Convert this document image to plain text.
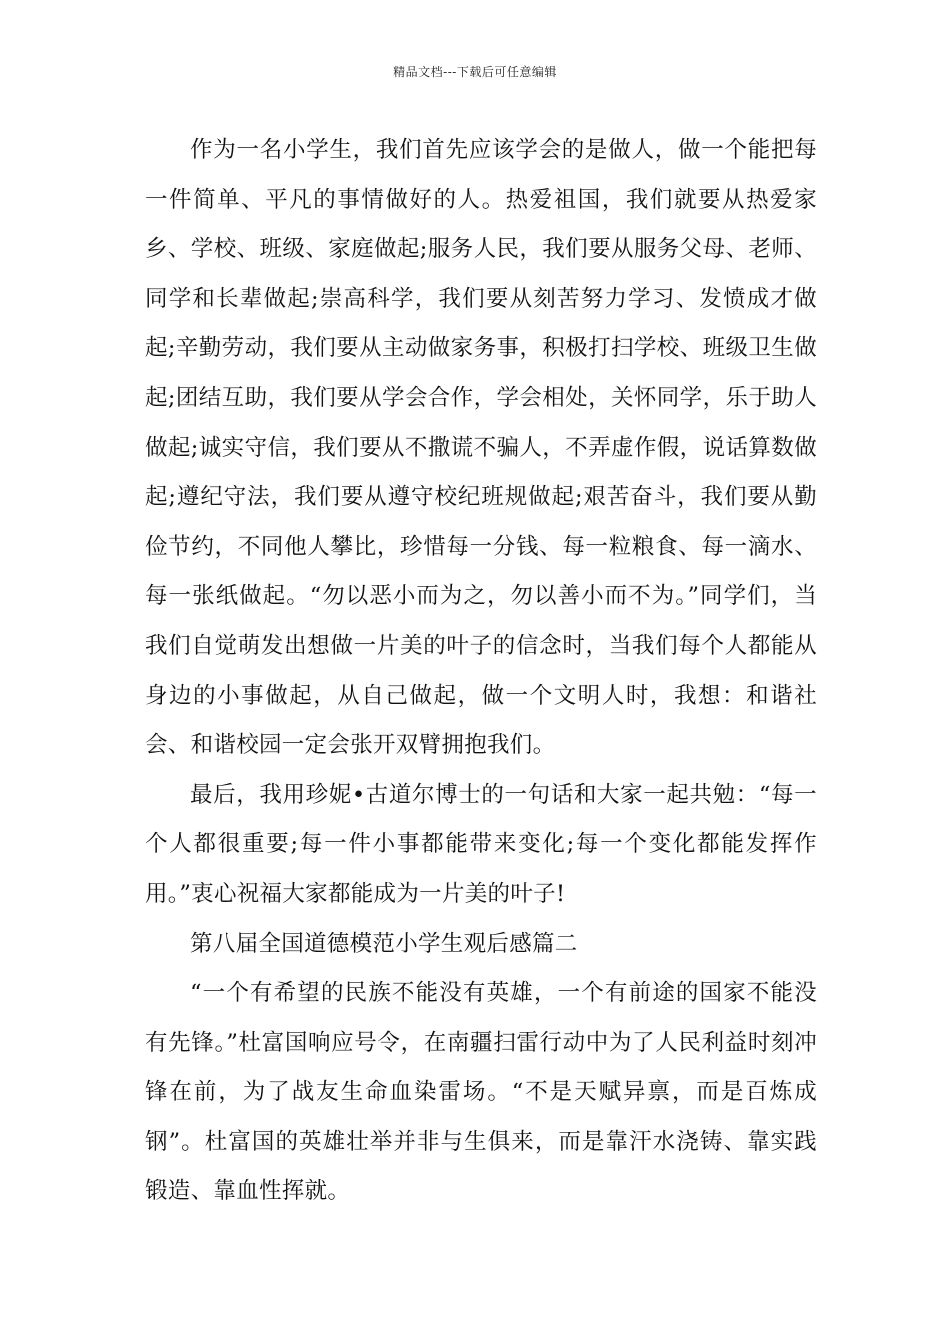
精品文档---下载后可任意编辑

作为一名小学生，我们首先应该学会的是做人，做一个能把每一件简单、平凡的事情做好的人。热爱祖国，我们就要从热爱家乡、学校、班级、家庭做起;服务人民，我们要从服务父母、老师、同学和长辈做起;崇高科学，我们要从刻苦努力学习、发愤成才做起;辛勤劳动，我们要从主动做家务事，积极打扫学校、班级卫生做起;团结互助，我们要从学会合作，学会相处，关怀同学，乐于助人做起;诚实守信，我们要从不撒谎不骗人，不弄虚作假，说话算数做起;遵纪守法，我们要从遵守校纪班规做起;艰苦奋斗，我们要从勤俭节约，不同他人攀比，珍惜每一分钱、每一粒粮食、每一滴水、每一张纸做起。“勿以恶小而为之，勿以善小而不为。”同学们，当我们自觉萌发出想做一片美的叶子的信念时，当我们每个人都能从身边的小事做起，从自己做起，做一个文明人时，我想：和谐社会、和谐校园一定会张开双臂拥抱我们。

最后，我用珍妮•古道尔博士的一句话和大家一起共勉：“每一个人都很重要;每一件小事都能带来变化;每一个变化都能发挥作用。”衷心祝福大家都能成为一片美的叶子!

第八届全国道德模范小学生观后感篇二

“一个有希望的民族不能没有英雄，一个有前途的国家不能没有先锋。”杜富国响应号令，在南疆扫雷行动中为了人民利益时刻冲锋在前，为了战友生命血染雷场。“不是天赋异禀，而是百炼成钢”。杜富国的英雄壮举并非与生俱来，而是靠汗水浇铸、靠实践锻造、靠血性挥就。
